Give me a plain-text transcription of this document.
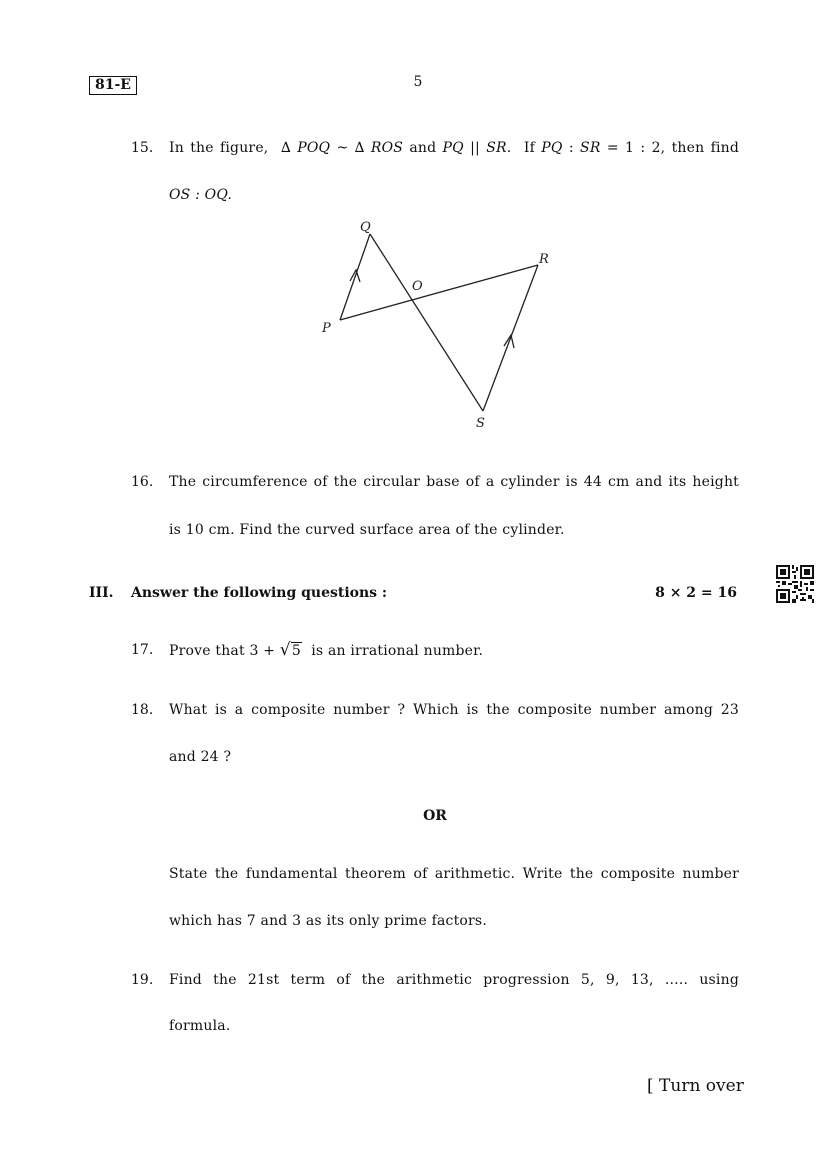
81-E	5
15. In the figure,  ∆ POQ ~ ∆ ROS and PQ || SR.  If PQ : SR = 1 : 2, then find
OS : OQ.
Q
R
O
P
S
16. The circumference of the circular base of a cylinder is 44 cm and its height
is 10 cm. Find the curved surface area of the cylinder.
III. Answer the following questions :	8 × 2 = 16
17. Prove that 3 + √5  is an irrational number.
18. What is a composite number ? Which is the composite number among 23
and 24 ?
OR
State the fundamental theorem of arithmetic. Write the composite number
which has 7 and 3 as its only prime factors.
19. Find the 21st term of the arithmetic progression 5, 9, 13, ..... using
formula.
[ Turn over
